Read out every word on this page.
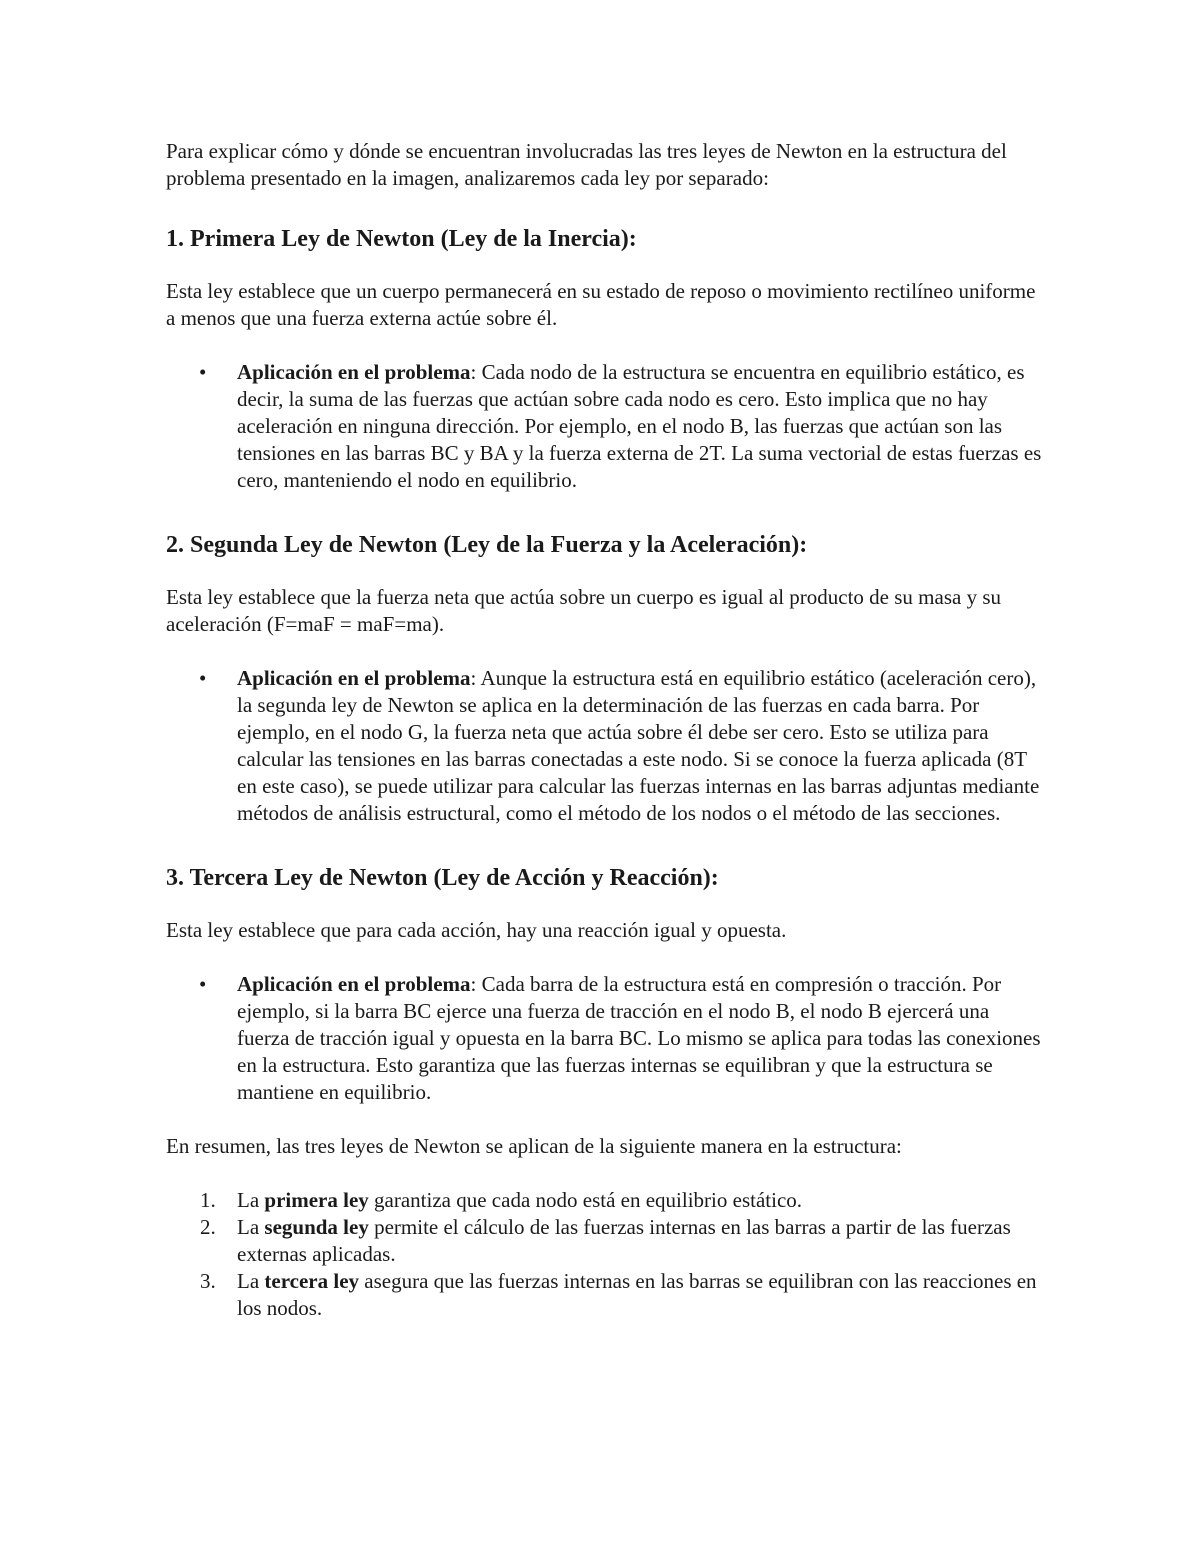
Para explicar cómo y dónde se encuentran involucradas las tres leyes de Newton en la estructura del problema presentado en la imagen, analizaremos cada ley por separado:

1. Primera Ley de Newton (Ley de la Inercia):

Esta ley establece que un cuerpo permanecerá en su estado de reposo o movimiento rectilíneo uniforme a menos que una fuerza externa actúe sobre él.

• Aplicación en el problema: Cada nodo de la estructura se encuentra en equilibrio estático, es decir, la suma de las fuerzas que actúan sobre cada nodo es cero. Esto implica que no hay aceleración en ninguna dirección. Por ejemplo, en el nodo B, las fuerzas que actúan son las tensiones en las barras BC y BA y la fuerza externa de 2T. La suma vectorial de estas fuerzas es cero, manteniendo el nodo en equilibrio.
2. Segunda Ley de Newton (Ley de la Fuerza y la Aceleración):

Esta ley establece que la fuerza neta que actúa sobre un cuerpo es igual al producto de su masa y su aceleración (F=maF = maF=ma).

• Aplicación en el problema: Aunque la estructura está en equilibrio estático (aceleración cero), la segunda ley de Newton se aplica en la determinación de las fuerzas en cada barra. Por ejemplo, en el nodo G, la fuerza neta que actúa sobre él debe ser cero. Esto se utiliza para calcular las tensiones en las barras conectadas a este nodo. Si se conoce la fuerza aplicada (8T en este caso), se puede utilizar para calcular las fuerzas internas en las barras adjuntas mediante métodos de análisis estructural, como el método de los nodos o el método de las secciones.
3. Tercera Ley de Newton (Ley de Acción y Reacción):

Esta ley establece que para cada acción, hay una reacción igual y opuesta.

• Aplicación en el problema: Cada barra de la estructura está en compresión o tracción. Por ejemplo, si la barra BC ejerce una fuerza de tracción en el nodo B, el nodo B ejercerá una fuerza de tracción igual y opuesta en la barra BC. Lo mismo se aplica para todas las conexiones en la estructura. Esto garantiza que las fuerzas internas se equilibran y que la estructura se mantiene en equilibrio.

En resumen, las tres leyes de Newton se aplican de la siguiente manera en la estructura:

1. La primera ley garantiza que cada nodo está en equilibrio estático.
2. La segunda ley permite el cálculo de las fuerzas internas en las barras a partir de las fuerzas externas aplicadas.
3. La tercera ley asegura que las fuerzas internas en las barras se equilibran con las reacciones en los nodos.
